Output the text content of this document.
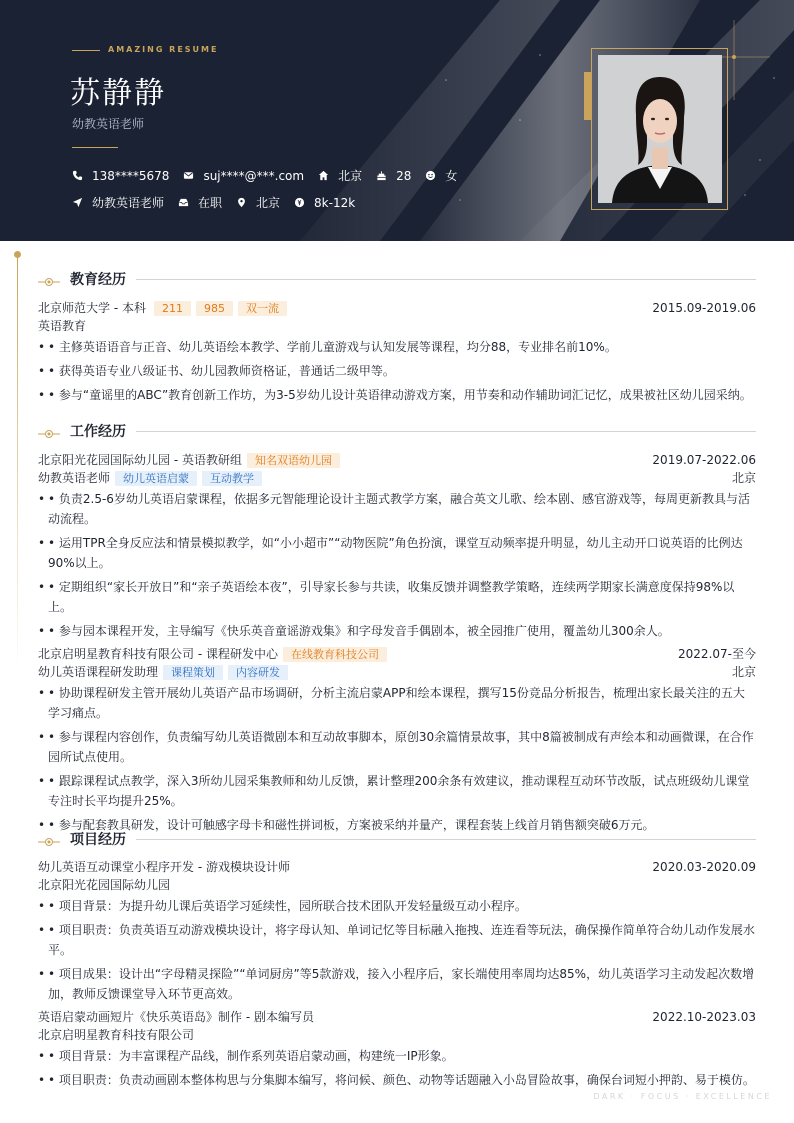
AMAZING RESUME
苏静静
幼教英语老师
138****5678	suj****@***.com	北京	28	女
幼教英语老师	在职	北京	8k-12k
教育经历
北京师范大学 - 本科	211	985	双一流	2015.09-2019.06
英语教育
• • 主修英语语音与正音、幼儿英语绘本教学、学前儿童游戏与认知发展等课程，均分88，专业排名前10%。
• • 获得英语专业八级证书、幼儿园教师资格证，普通话二级甲等。
• • 参与“童谣里的ABC”教育创新工作坊，为3-5岁幼儿设计英语律动游戏方案，用节奏和动作辅助词汇记忆，成果被社区幼儿园采纳。
工作经历
北京阳光花园国际幼儿园 - 英语教研组	知名双语幼儿园	2019.07-2022.06
幼教英语老师	幼儿英语启蒙	互动教学	北京
• • 负责2.5-6岁幼儿英语启蒙课程，依据多元智能理论设计主题式教学方案，融合英文儿歌、绘本剧、感官游戏等，每周更新教具与活动流程。
• • 运用TPR全身反应法和情景模拟教学，如“小小超市”“动物医院”角色扮演，课堂互动频率提升明显，幼儿主动开口说英语的比例达90%以上。
• • 定期组织“家长开放日”和“亲子英语绘本夜”，引导家长参与共读，收集反馈并调整教学策略，连续两学期家长满意度保持98%以上。
• • 参与园本课程开发，主导编写《快乐英音童谣游戏集》和字母发音手偶剧本，被全园推广使用，覆盖幼儿300余人。
北京启明星教育科技有限公司 - 课程研发中心	在线教育科技公司	2022.07-至今
幼儿英语课程研发助理	课程策划	内容研发	北京
• • 协助课程研发主管开展幼儿英语产品市场调研，分析主流启蒙APP和绘本课程，撰写15份竞品分析报告，梳理出家长最关注的五大学习痛点。
• • 参与课程内容创作，负责编写幼儿英语微剧本和互动故事脚本，原创30余篇情景故事，其中8篇被制成有声绘本和动画微课，在合作园所试点使用。
• • 跟踪课程试点教学，深入3所幼儿园采集教师和幼儿反馈，累计整理200余条有效建议，推动课程互动环节改版，试点班级幼儿课堂专注时长平均提升25%。
• • 参与配套教具研发，设计可触感字母卡和磁性拼词板，方案被采纳并量产，课程套装上线首月销售额突破6万元。
项目经历
幼儿英语互动课堂小程序开发 - 游戏模块设计师	2020.03-2020.09
北京阳光花园国际幼儿园
• • 项目背景：为提升幼儿课后英语学习延续性，园所联合技术团队开发轻量级互动小程序。
• • 项目职责：负责英语互动游戏模块设计，将字母认知、单词记忆等目标融入拖拽、连连看等玩法，确保操作简单符合幼儿动作发展水平。
• • 项目成果：设计出“字母精灵探险”“单词厨房”等5款游戏，接入小程序后，家长端使用率周均达85%，幼儿英语学习主动发起次数增加，教师反馈课堂导入环节更高效。
英语启蒙动画短片《快乐英语岛》制作 - 剧本编写员	2022.10-2023.03
北京启明星教育科技有限公司
• • 项目背景：为丰富课程产品线，制作系列英语启蒙动画，构建统一IP形象。
• • 项目职责：负责动画剧本整体构思与分集脚本编写，将问候、颜色、动物等话题融入小岛冒险故事，确保台词短小押韵、易于模仿。
DARK · FOCUS · EXCELLENCE
